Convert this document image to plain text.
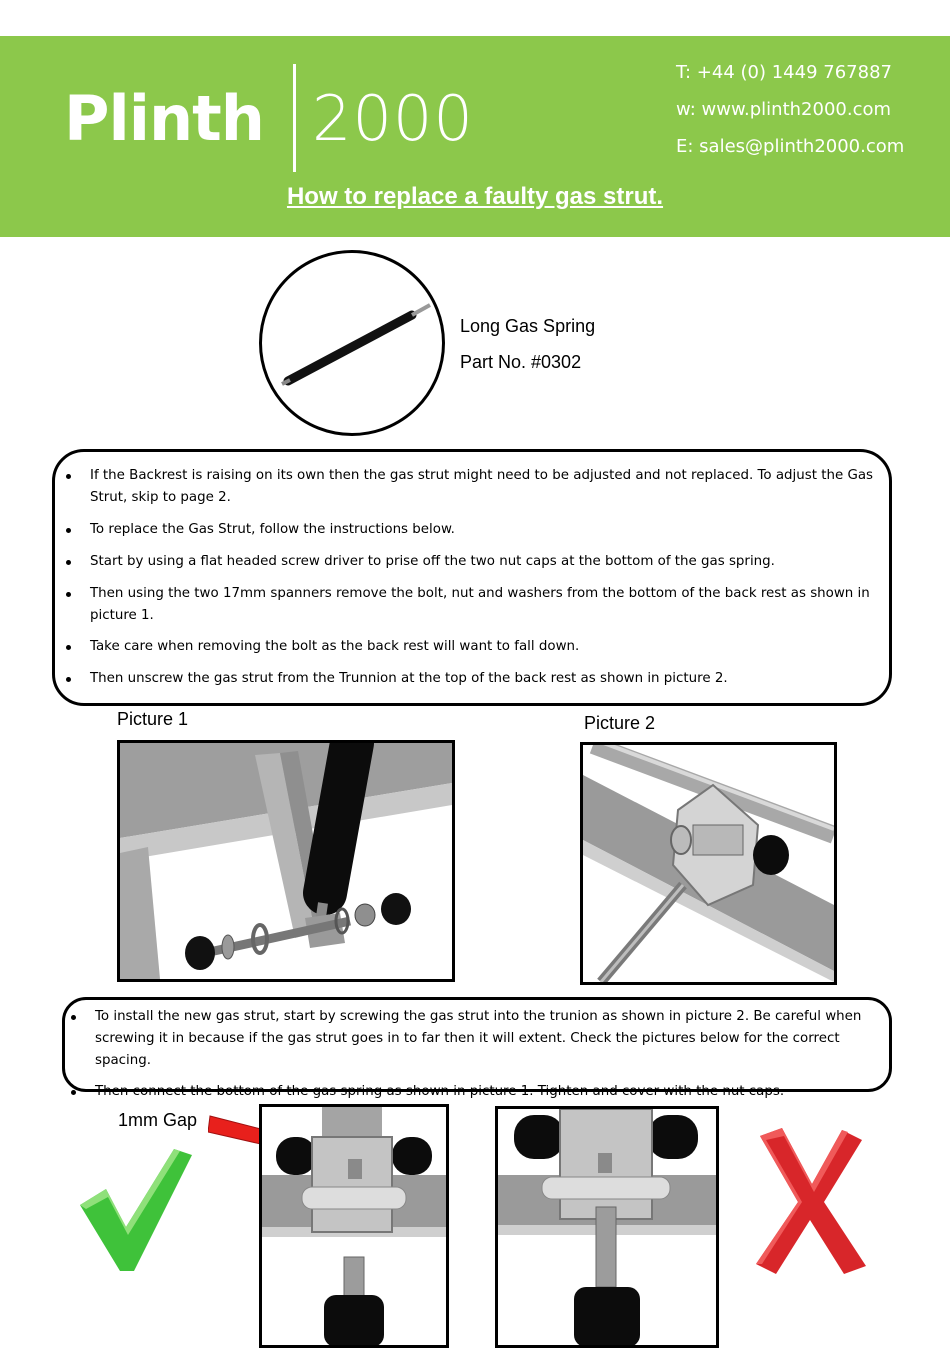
Plinth 2000
T: +44 (0) 1449 767887
w: www.plinth2000.com
E: sales@plinth2000.com
How to replace a faulty gas strut.
Long Gas Spring
Part No. #0302
If the Backrest is raising on its own then the gas strut might need to be adjusted and not replaced. To adjust the Gas Strut, skip to page 2.
To replace the Gas Strut, follow the instructions below.
Start by using a flat headed screw driver to prise off the two nut caps at the bottom of the gas spring.
Then using the two 17mm spanners remove the bolt, nut and washers from the bottom of the back rest as shown in picture 1.
Take care when removing the bolt as the back rest will want to fall down.
Then unscrew the gas strut from the Trunnion at the top of the back rest as shown in picture 2.
Picture 1	Picture 2
To install the new gas strut, start by screwing the gas strut into the trunion as shown in picture 2. Be careful when screwing it in because if the gas strut goes in to far then it will extent. Check the pictures below for the correct spacing.
Then connect the bottom of the gas spring as shown in picture 1. Tighten and cover with the nut caps.
1mm Gap
